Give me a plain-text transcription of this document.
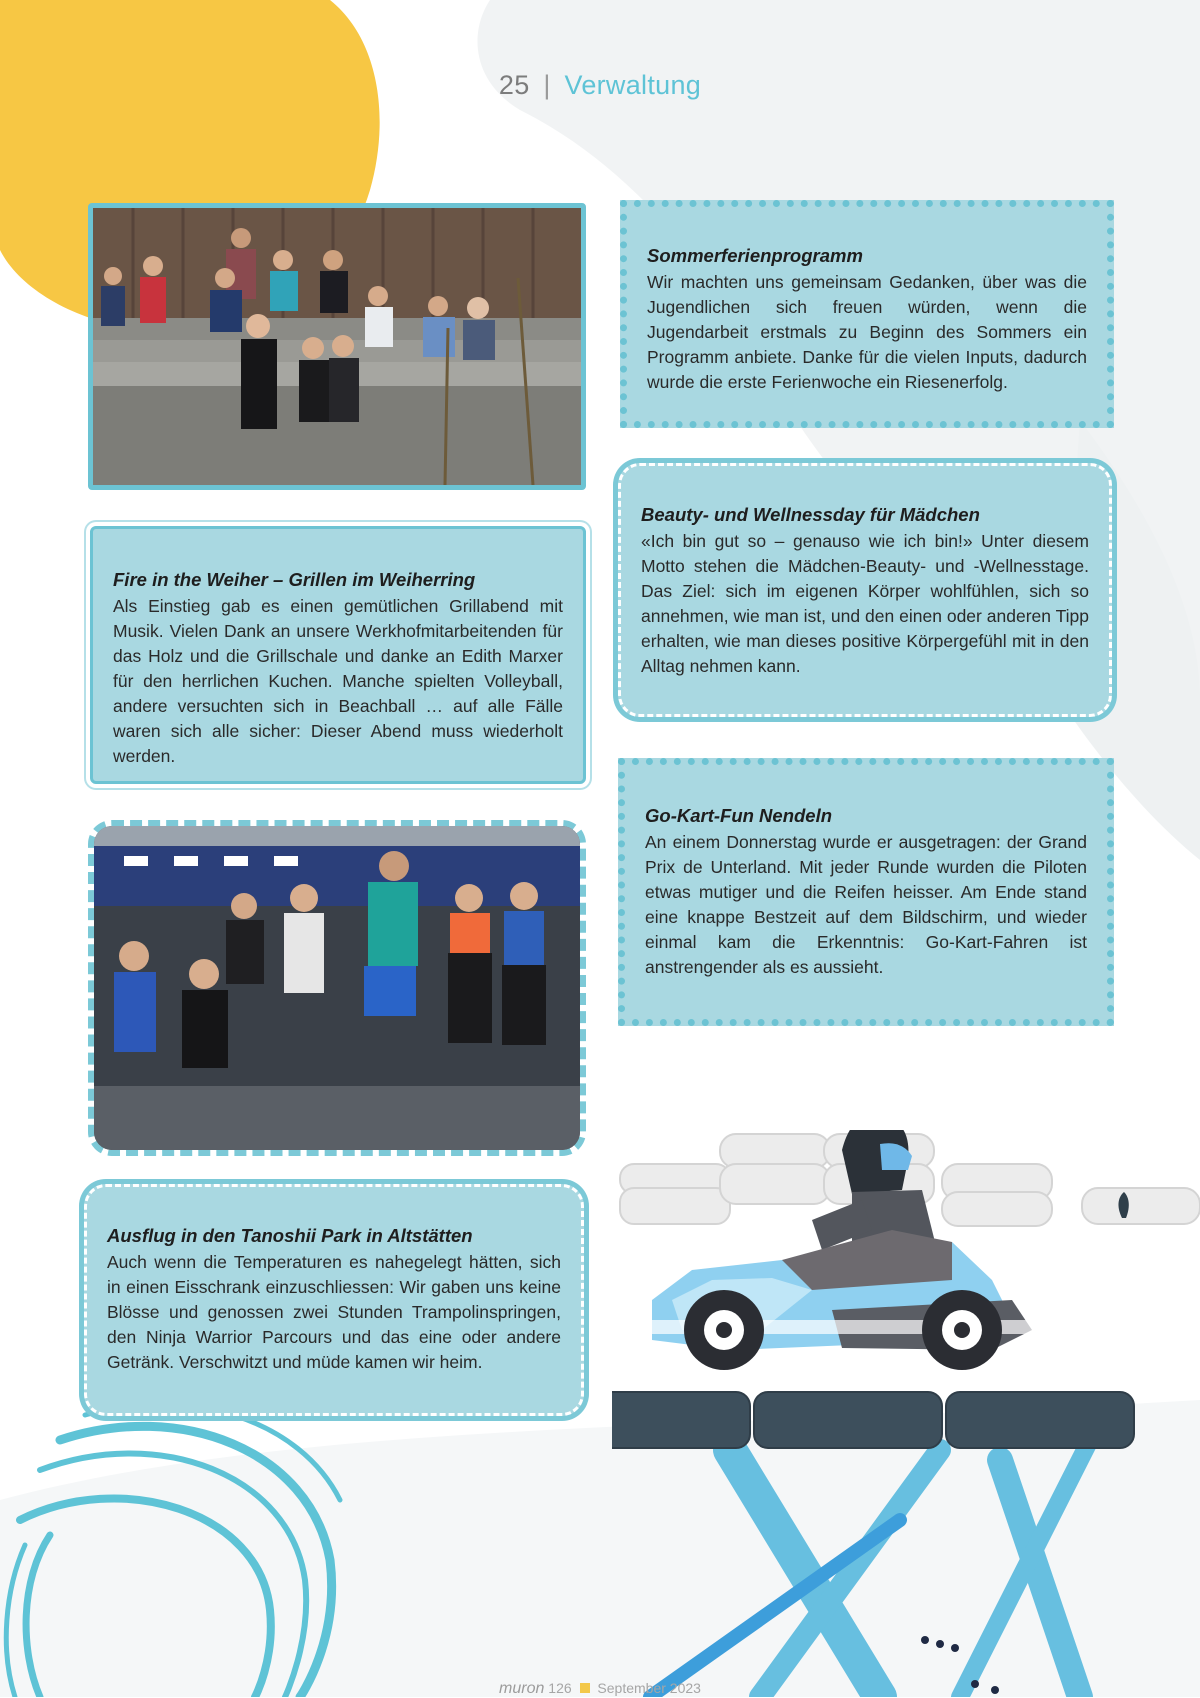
25 | Verwaltung
Sommerferienprogramm

Wir machten uns gemeinsam Gedanken, über was die Jugendlichen sich freuen würden, wenn die Jugendarbeit erstmals zu Beginn des Sommers ein Programm anbiete. Danke für die vielen Inputs, dadurch wurde die erste Ferienwoche ein Riesenerfolg.

Beauty- und Wellnessday für Mädchen

«Ich bin gut so – genauso wie ich bin!» Unter diesem Motto stehen die Mädchen-Beauty- und -Wellnesstage. Das Ziel: sich im eigenen Körper wohlfühlen, sich so annehmen, wie man ist, und den einen oder anderen Tipp erhalten, wie man dieses positive Körpergefühl mit in den Alltag nehmen kann.

Fire in the Weiher – Grillen im Weiherring

Als Einstieg gab es einen gemütlichen Grillabend mit Musik. Vielen Dank an unsere Werkhofmitarbeitenden für das Holz und die Grillschale und danke an Edith Marxer für den herrlichen Kuchen. Manche spielten Volleyball, andere versuchten sich in Beachball … auf alle Fälle waren sich alle sicher: Dieser Abend muss wiederholt werden.

Go-Kart-Fun Nendeln

An einem Donnerstag wurde er ausgetragen: der Grand Prix de Unterland. Mit jeder Runde wurden die Piloten etwas mutiger und die Reifen heisser. Am Ende stand eine knappe Bestzeit auf dem Bildschirm, und wieder einmal kam die Erkenntnis: Go-Kart-Fahren ist anstrengender als es aussieht.

Ausflug in den Tanoshii Park in Altstätten

Auch wenn die Temperaturen es nahegelegt hätten, sich in einen Eisschrank einzuschliessen: Wir gaben uns keine Blösse und genossen zwei Stunden Trampolinspringen, den Ninja Warrior Parcours und das eine oder andere Getränk. Verschwitzt und müde kamen wir heim.

muron 126 September 2023
